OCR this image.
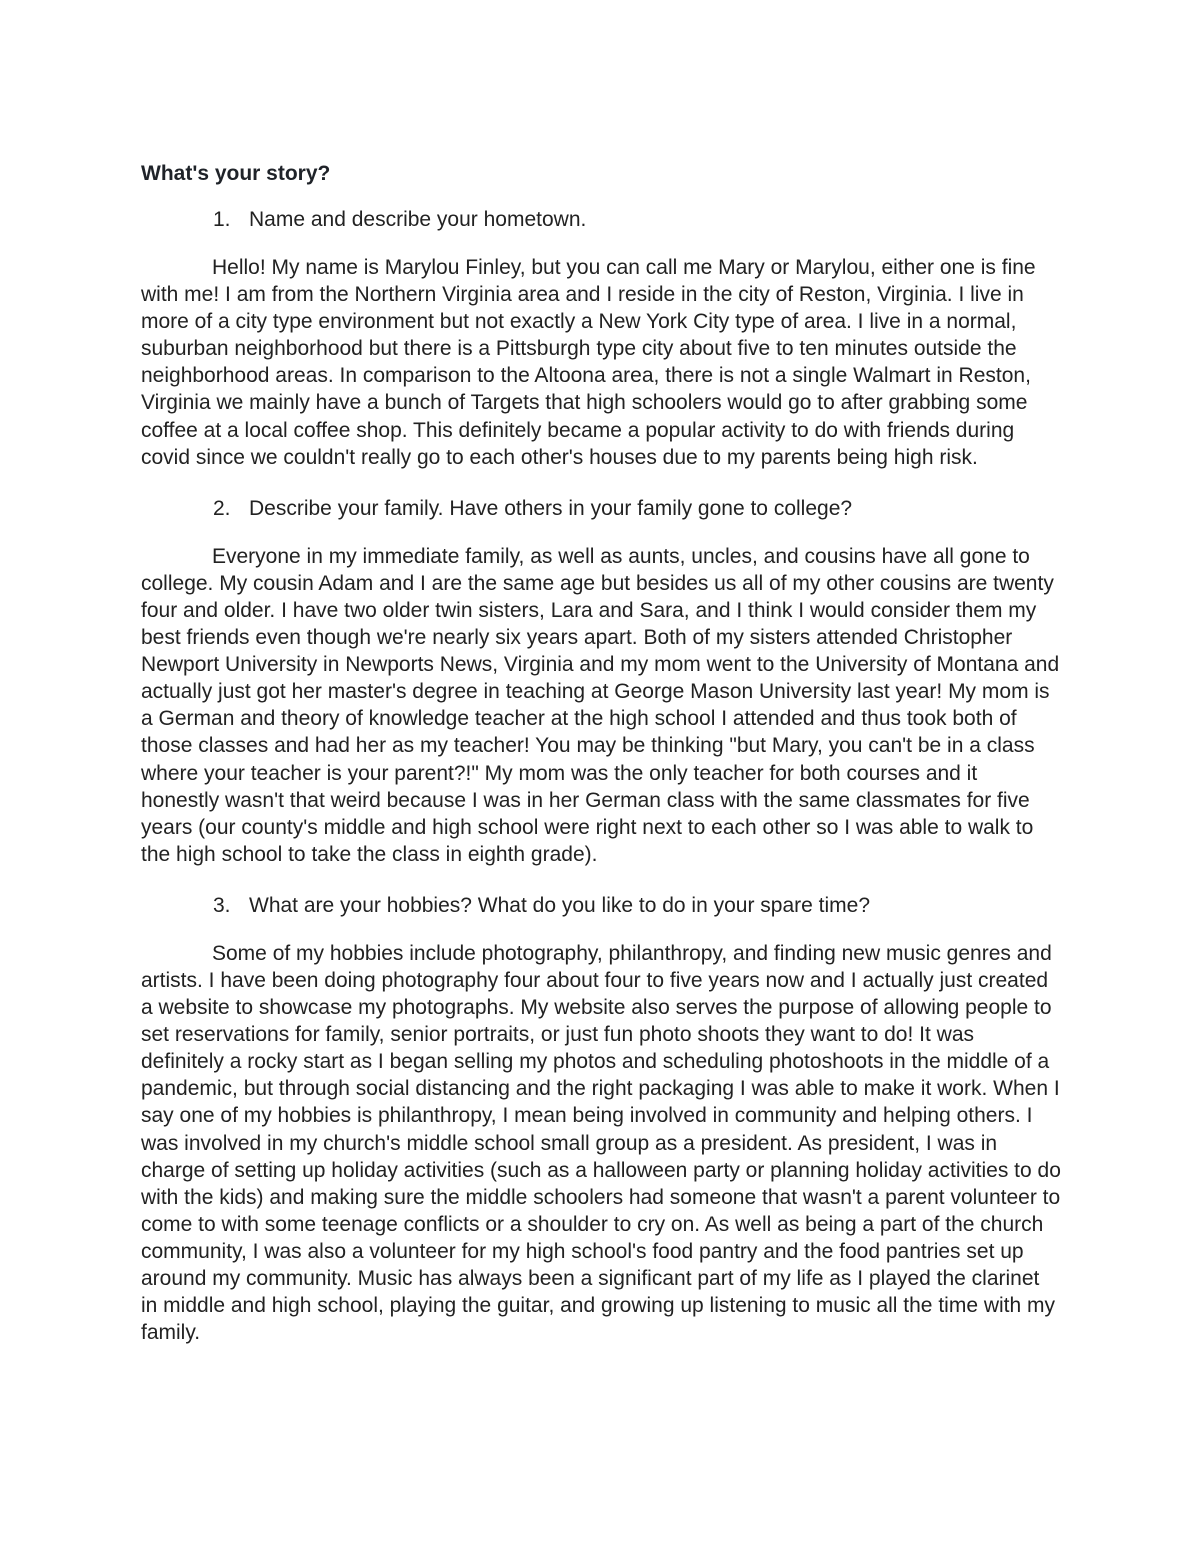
What's your story?
1. Name and describe your hometown.

Hello! My name is Marylou Finley, but you can call me Mary or Marylou, either one is fine with me! I am from the Northern Virginia area and I reside in the city of Reston, Virginia. I live in more of a city type environment but not exactly a New York City type of area. I live in a normal, suburban neighborhood but there is a Pittsburgh type city about five to ten minutes outside the neighborhood areas. In comparison to the Altoona area, there is not a single Walmart in Reston, Virginia we mainly have a bunch of Targets that high schoolers would go to after grabbing some coffee at a local coffee shop. This definitely became a popular activity to do with friends during covid since we couldn't really go to each other's houses due to my parents being high risk.

2. Describe your family. Have others in your family gone to college?

Everyone in my immediate family, as well as aunts, uncles, and cousins have all gone to college. My cousin Adam and I are the same age but besides us all of my other cousins are twenty four and older. I have two older twin sisters, Lara and Sara, and I think I would consider them my best friends even though we're nearly six years apart. Both of my sisters attended Christopher Newport University in Newports News, Virginia and my mom went to the University of Montana and actually just got her master's degree in teaching at George Mason University last year! My mom is a German and theory of knowledge teacher at the high school I attended and thus took both of those classes and had her as my teacher! You may be thinking "but Mary, you can't be in a class where your teacher is your parent?!" My mom was the only teacher for both courses and it honestly wasn't that weird because I was in her German class with the same classmates for five years (our county's middle and high school were right next to each other so I was able to walk to the high school to take the class in eighth grade).

3. What are your hobbies? What do you like to do in your spare time?

Some of my hobbies include photography, philanthropy, and finding new music genres and artists. I have been doing photography four about four to five years now and I actually just created a website to showcase my photographs. My website also serves the purpose of allowing people to set reservations for family, senior portraits, or just fun photo shoots they want to do! It was definitely a rocky start as I began selling my photos and scheduling photoshoots in the middle of a pandemic, but through social distancing and the right packaging I was able to make it work. When I say one of my hobbies is philanthropy, I mean being involved in community and helping others. I was involved in my church's middle school small group as a president. As president, I was in charge of setting up holiday activities (such as a halloween party or planning holiday activities to do with the kids) and making sure the middle schoolers had someone that wasn't a parent volunteer to come to with some teenage conflicts or a shoulder to cry on. As well as being a part of the church community, I was also a volunteer for my high school's food pantry and the food pantries set up around my community. Music has always been a significant part of my life as I played the clarinet in middle and high school, playing the guitar, and growing up listening to music all the time with my family.
